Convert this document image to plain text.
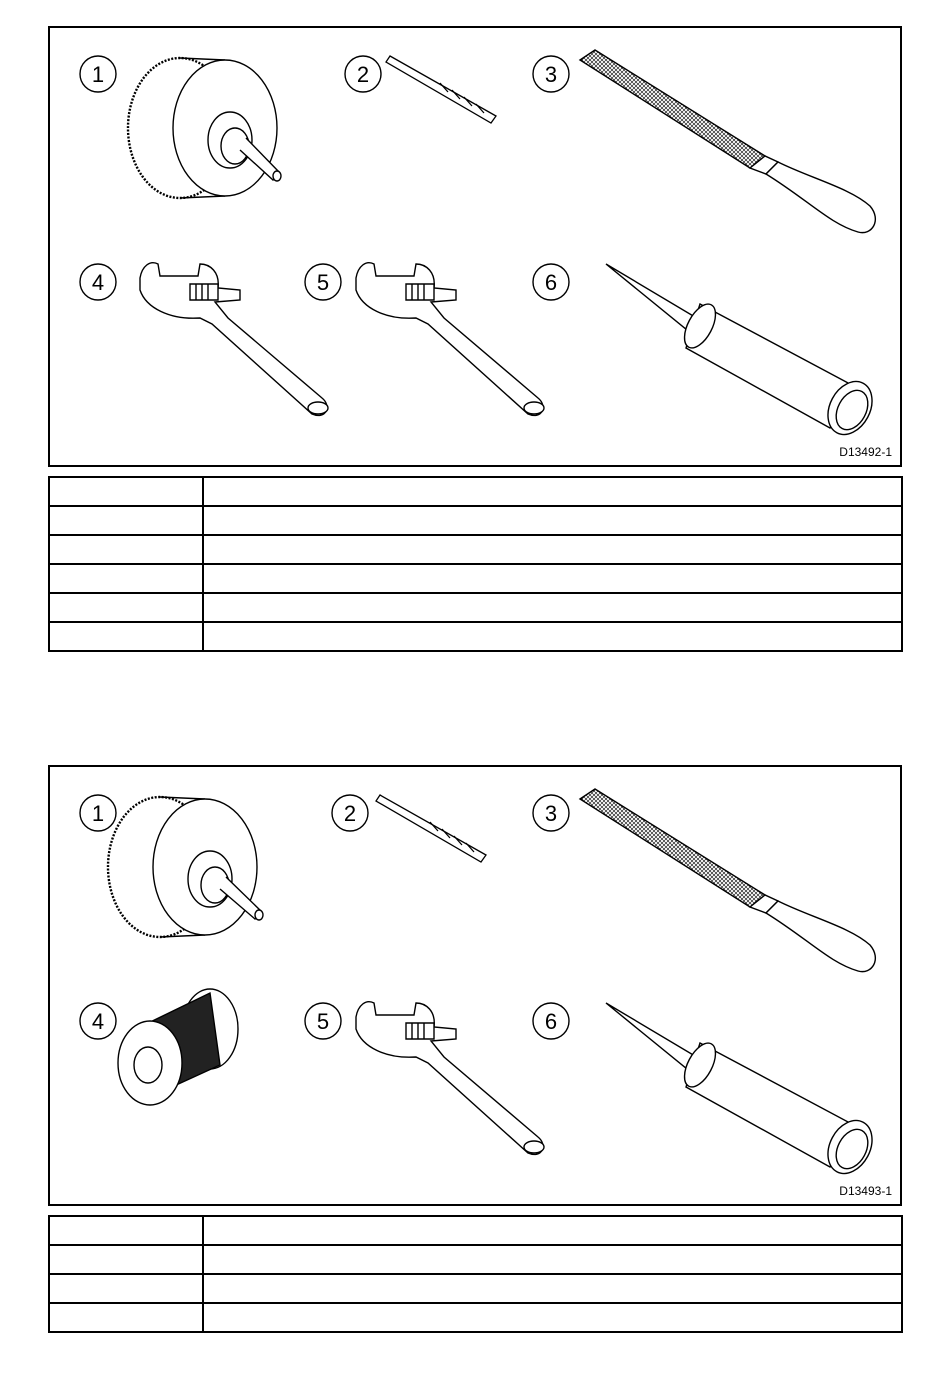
1	2	3
4	5	6
D13492-1

1	2	3
4	5	6
D13493-1
